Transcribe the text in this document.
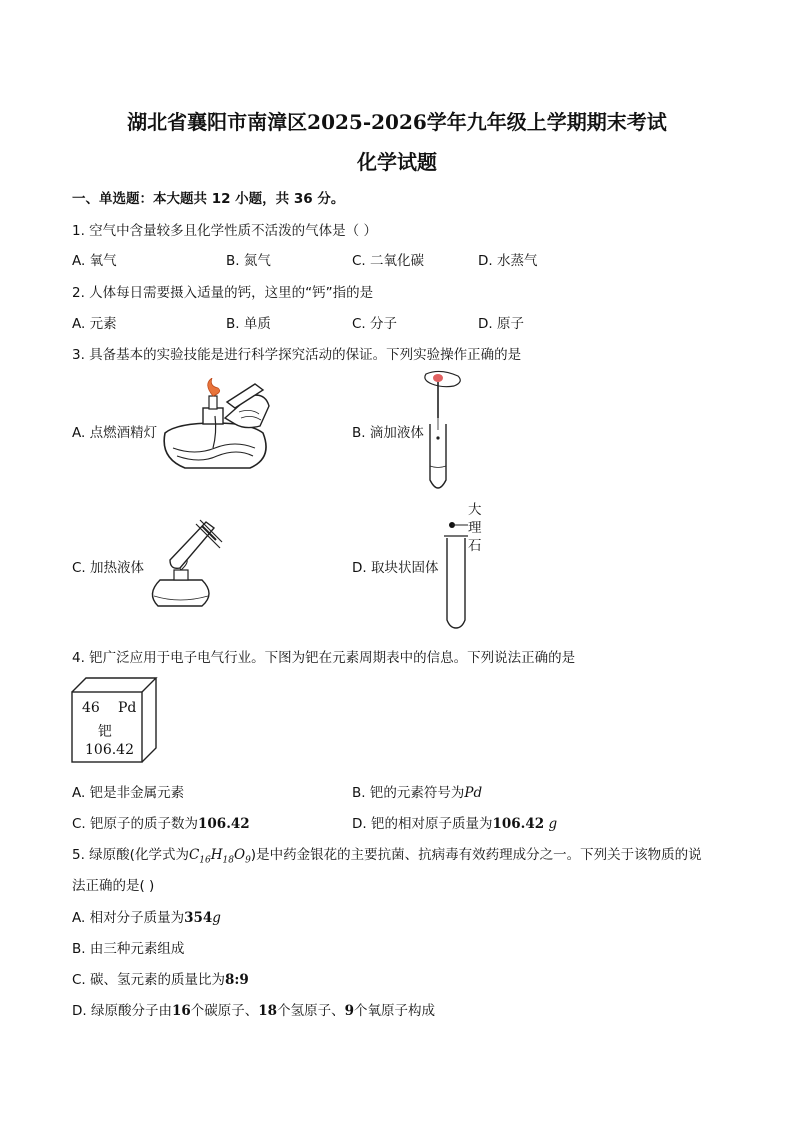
湖北省襄阳市南漳区2025-2026学年九年级上学期期末考试
化学试题
一、单选题：本大题共 12 小题，共 36 分。
1. 空气中含量较多且化学性质不活泼的气体是（ ）
A. 氧气	B. 氮气	C. 二氧化碳	D. 水蒸气
2. 人体每日需要摄入适量的钙，这里的“钙”指的是
A. 元素	B. 单质	C. 分子	D. 原子
3. 具备基本的实验技能是进行科学探究活动的保证。下列实验操作正确的是
A. 点燃酒精灯	B. 滴加液体
C. 加热液体	D. 取块状固体
大
理
石
4. 钯广泛应用于电子电气行业。下图为钯在元素周期表中的信息。下列说法正确的是
46 Pd
钯
106.42
A. 钯是非金属元素	B. 钯的元素符号为Pd
C. 钯原子的质子数为106.42	D. 钯的相对原子质量为106.42 g
5. 绿原酸(化学式为$C_{16}H_{18}O_9$)是中药金银花的主要抗菌、抗病毒有效药理成分之一。下列关于该物质的说
法正确的是( )
A. 相对分子质量为354g
B. 由三种元素组成
C. 碳、氢元素的质量比为8:9
D. 绿原酸分子由16个碳原子、18个氢原子、9个氧原子构成
